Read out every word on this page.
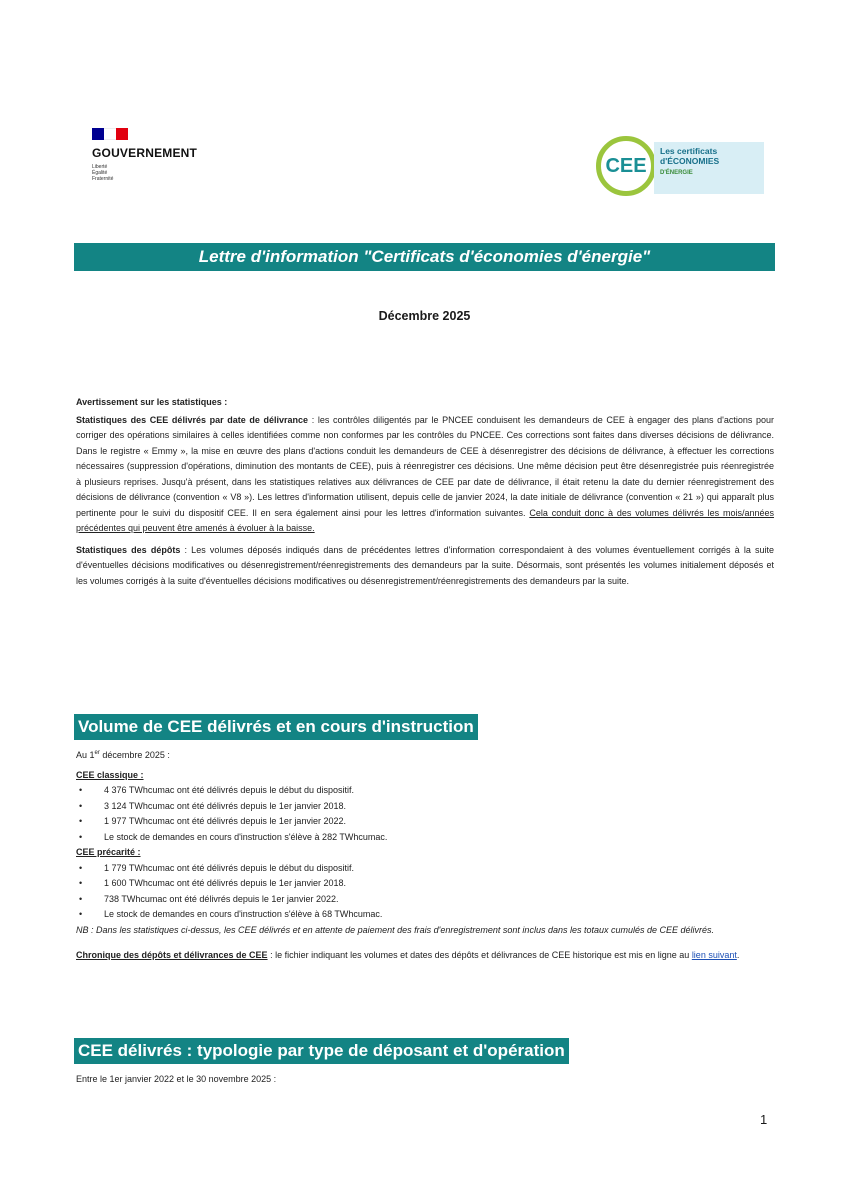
GOUVERNEMENT
Liberté
Égalité
Fraternité
CEE
Les certificats
d'ÉCONOMIES
D'ÉNERGIE
Lettre d'information "Certificats d'économies d'énergie"
Décembre 2025
Avertissement sur les statistiques :
Statistiques des CEE délivrés par date de délivrance : les contrôles diligentés par le PNCEE conduisent les demandeurs de CEE à engager des plans d'actions pour corriger des opérations similaires à celles identifiées comme non conformes par les contrôles du PNCEE. Ces corrections sont faites dans diverses décisions de délivrance. Dans le registre « Emmy », la mise en œuvre des plans d'actions conduit les demandeurs de CEE à désenregistrer des décisions de délivrance, à effectuer les corrections nécessaires (suppression d'opérations, diminution des montants de CEE), puis à réenregistrer ces décisions. Une même décision peut être désenregistrée puis réenregistrée à plusieurs reprises. Jusqu'à présent, dans les statistiques relatives aux délivrances de CEE par date de délivrance, il était retenu la date du dernier réenregistrement des décisions de délivrance (convention « V8 »). Les lettres d'information utilisent, depuis celle de janvier 2024, la date initiale de délivrance (convention « 21 ») qui apparaît plus pertinente pour le suivi du dispositif CEE. Il en sera également ainsi pour les lettres d'information suivantes. Cela conduit donc à des volumes délivrés les mois/années précédentes qui peuvent être amenés à évoluer à la baisse.
Statistiques des dépôts : Les volumes déposés indiqués dans de précédentes lettres d'information correspondaient à des volumes éventuellement corrigés à la suite d'éventuelles décisions modificatives ou désenregistrement/réenregistrements des demandeurs par la suite. Désormais, sont présentés les volumes initialement déposés et les volumes corrigés à la suite d'éventuelles décisions modificatives ou désenregistrement/réenregistrements des demandeurs par la suite.
Volume de CEE délivrés et en cours d'instruction
Au 1er décembre 2025 :
CEE classique :
• 4 376 TWhcumac ont été délivrés depuis le début du dispositif.
• 3 124 TWhcumac ont été délivrés depuis le 1er janvier 2018.
• 1 977 TWhcumac ont été délivrés depuis le 1er janvier 2022.
• Le stock de demandes en cours d'instruction s'élève à 282 TWhcumac.
CEE précarité :
• 1 779 TWhcumac ont été délivrés depuis le début du dispositif.
• 1 600 TWhcumac ont été délivrés depuis le 1er janvier 2018.
• 738 TWhcumac ont été délivrés depuis le 1er janvier 2022.
• Le stock de demandes en cours d'instruction s'élève à 68 TWhcumac.
NB : Dans les statistiques ci-dessus, les CEE délivrés et en attente de paiement des frais d'enregistrement sont inclus dans les totaux cumulés de CEE délivrés.
Chronique des dépôts et délivrances de CEE : le fichier indiquant les volumes et dates des dépôts et délivrances de CEE historique est mis en ligne au lien suivant.
CEE délivrés : typologie par type de déposant et d'opération
Entre le 1er janvier 2022 et le 30 novembre 2025 :
1
